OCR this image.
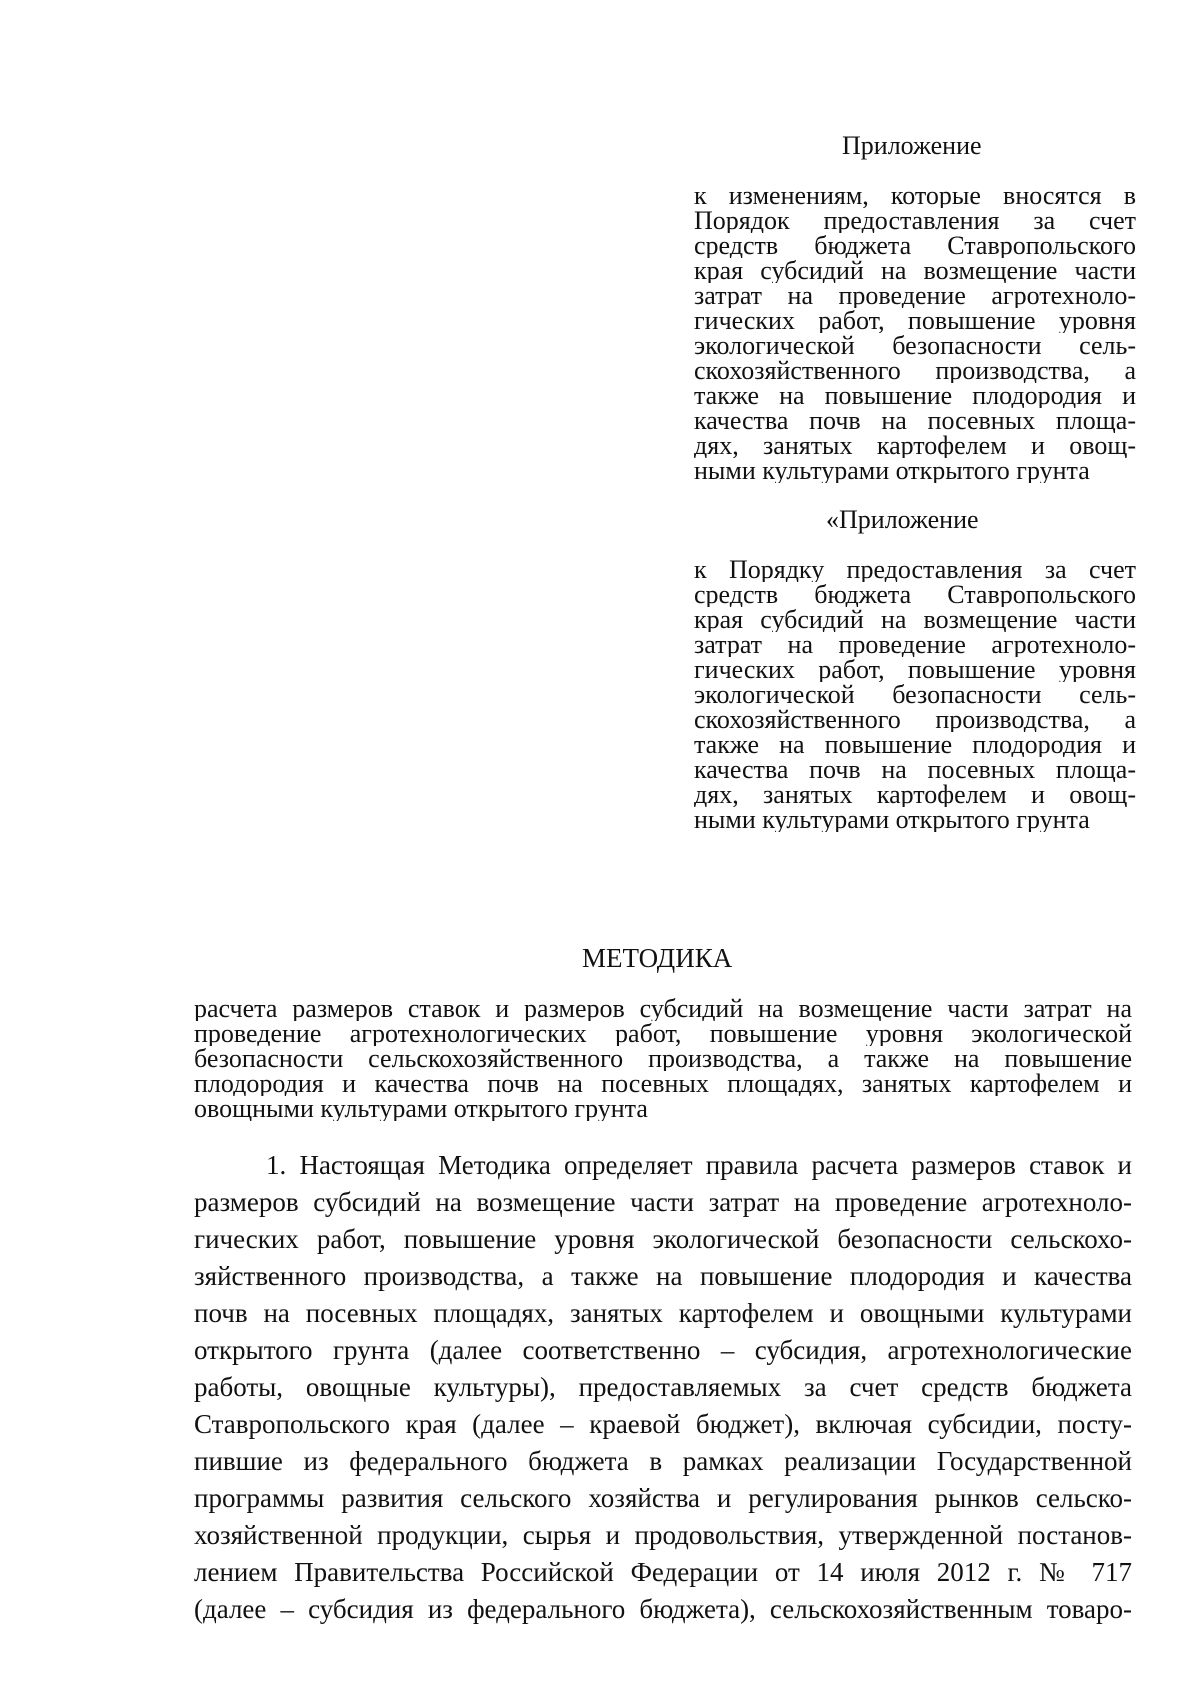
Приложение
к изменениям, которые вносятся в
Порядок предоставления за счет
средств бюджета Ставропольского
края субсидий на возмещение части
затрат на проведение агротехноло-
гических работ, повышение уровня
экологической безопасности сель-
скохозяйственного производства, а
также на повышение плодородия и
качества почв на посевных площа-
дях, занятых картофелем и овощ-
ными культурами открытого грунта
«Приложение
к Порядку предоставления за счет
средств бюджета Ставропольского
края субсидий на возмещение части
затрат на проведение агротехноло-
гических работ, повышение уровня
экологической безопасности сель-
скохозяйственного производства, а
также на повышение плодородия и
качества почв на посевных площа-
дях, занятых картофелем и овощ-
ными культурами открытого грунта
МЕТОДИКА
расчета размеров ставок и размеров субсидий на возмещение части затрат на
проведение агротехнологических работ, повышение уровня экологической
безопасности сельскохозяйственного производства, а также на повышение
плодородия и качества почв на посевных площадях, занятых картофелем и
овощными культурами открытого грунта
1. Настоящая Методика определяет правила расчета размеров ставок и
размеров субсидий на возмещение части затрат на проведение агротехноло-
гических работ, повышение уровня экологической безопасности сельскохо-
зяйственного производства, а также на повышение плодородия и качества
почв на посевных площадях, занятых картофелем и овощными культурами
открытого грунта (далее соответственно – субсидия, агротехнологические
работы, овощные культуры), предоставляемых за счет средств бюджета
Ставропольского края (далее – краевой бюджет), включая субсидии, посту-
пившие из федерального бюджета в рамках реализации Государственной
программы развития сельского хозяйства и регулирования рынков сельско-
хозяйственной продукции, сырья и продовольствия, утвержденной постанов-
лением Правительства Российской Федерации от 14 июля 2012 г. № 717
(далее – субсидия из федерального бюджета), сельскохозяйственным товаро-
